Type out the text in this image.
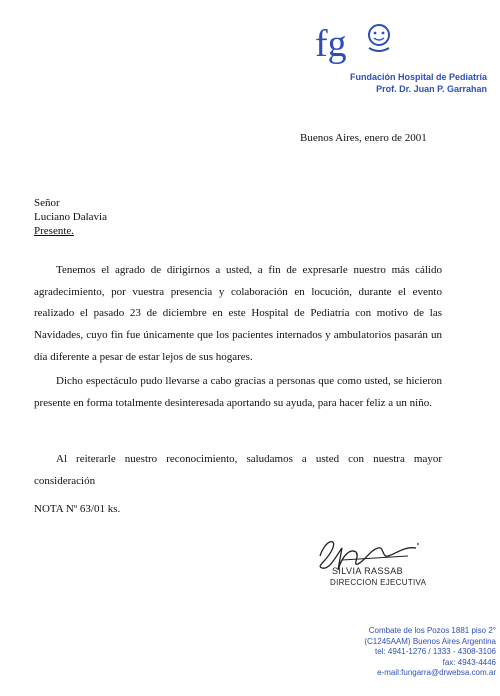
fg
Fundación Hospital de Pediatría
Prof. Dr. Juan P. Garrahan
Buenos Aires, enero de 2001
Señor
Luciano Dalavia
Presente.

Tenemos el agrado de dirigirnos a usted, a fin de expresarle nuestro más cálido agradecimiento, por vuestra presencia y colaboración en locución, durante el evento realizado el pasado 23 de diciembre en este Hospital de Pediatría con motivo de las Navidades, cuyo fin fue únicamente que los pacientes internados y ambulatorios pasarán un día diferente a pesar de estar lejos de sus hogares.

Dicho espectáculo pudo llevarse a cabo gracias a personas que como usted, se hicieron presente en forma totalmente desinteresada aportando su ayuda, para hacer feliz a un niño.

Al reiterarle nuestro reconocimiento, saludamos a usted con nuestra mayor consideración

NOTA Nº 63/01 ks.
SILVIA RASSAB
DIRECCION EJECUTIVA
Combate de los Pozos 1881 piso 2°
(C1245AAM) Buenos Aires Argentina
tel: 4941-1276 / 1333 - 4308-3106
fax: 4943-4446
e-mail:fungarra@drwebsa.com.ar
